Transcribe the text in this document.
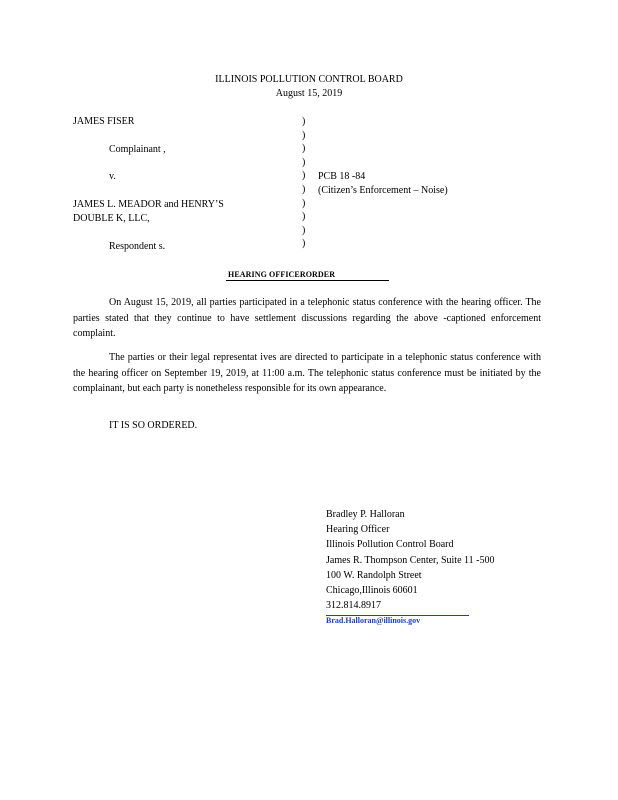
ILLINOIS POLLUTION CONTROL BOARD
August 15, 2019
JAMES FISER
Complainant ,
v.
JAMES L. MEADOR and HENRY’S
DOUBLE K, LLC,
Respondent s.
)
)
)
)
)
)
)
)
)
)
PCB 18 -84
(Citizen’s Enforcement – Noise)
HEARING OFFICERORDER
On August 15, 2019, all parties participated in a telephonic status conference with the hearing officer. The parties stated that they continue to have settlement discussions regarding the above -captioned enforcement complaint.
The parties or their legal representat ives are directed to participate in a telephonic status conference with the hearing officer on September 19, 2019, at 11:00 a.m. The telephonic status conference must be initiated by the complainant, but each party is nonetheless responsible for its own appearance.
IT IS SO ORDERED.
Bradley P. Halloran
Hearing Officer
Illinois Pollution Control Board
James R. Thompson Center, Suite 11 -500
100 W. Randolph Street
Chicago,Illinois 60601
312.814.8917
Brad.Halloran@illinois.gov
